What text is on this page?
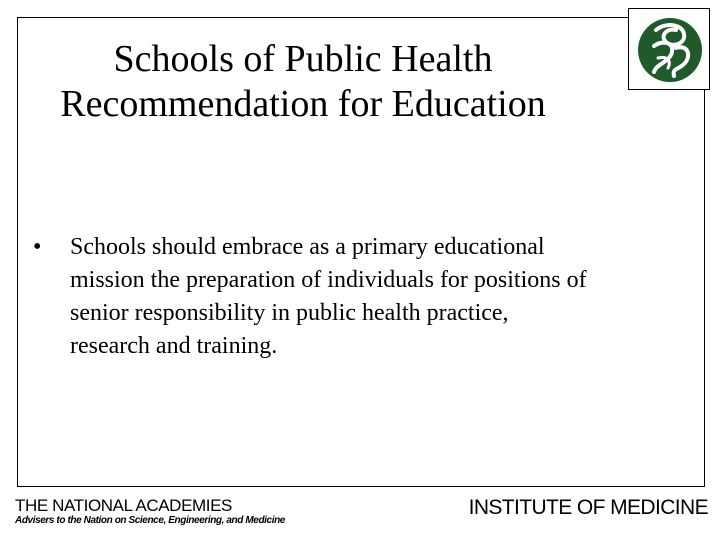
Schools of Public Health Recommendation for Education
• Schools should embrace as a primary educational mission the preparation of individuals for positions of senior responsibility in public health practice, research and training.
THE NATIONAL ACADEMIES
Advisers to the Nation on Science, Engineering, and Medicine
INSTITUTE OF MEDICINE
